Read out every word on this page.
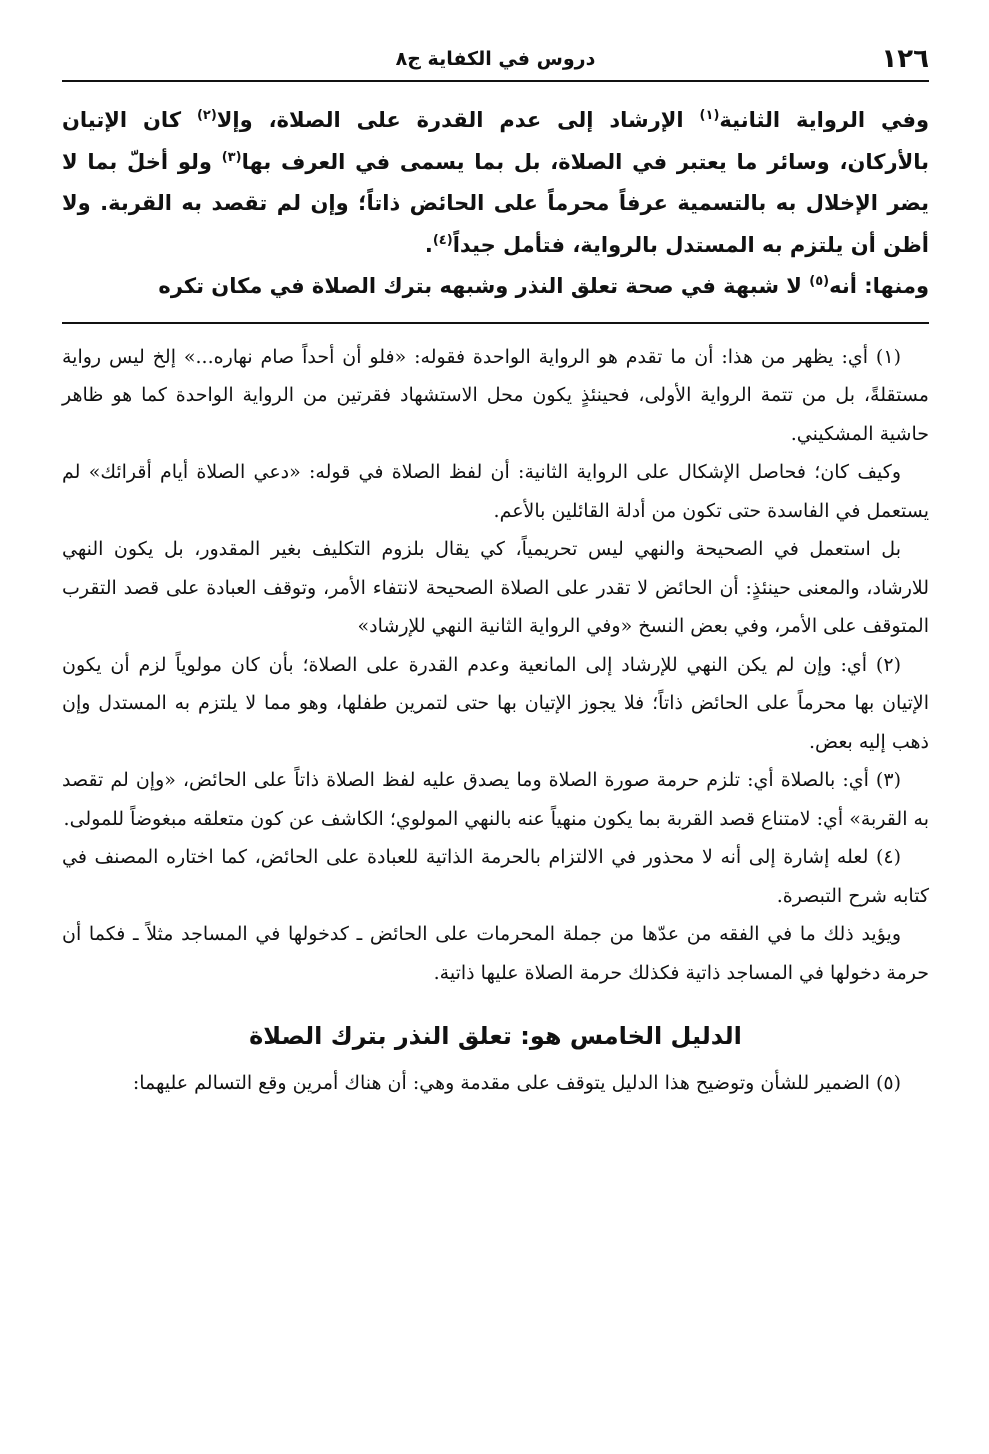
١٢٦
دروس في الكفاية ج٨

وفي الرواية الثانية$^{(١)}$ الإرشاد إلى عدم القدرة على الصلاة، وإلا$^{(٢)}$ كان الإتيان بالأركان، وسائر ما يعتبر في الصلاة، بل بما يسمى في العرف بها$^{(٣)}$ ولو أخلّ بما لا يضر الإخلال به بالتسمية عرفاً محرماً على الحائض ذاتاً؛ وإن لم تقصد به القربة. ولا أظن أن يلتزم به المستدل بالرواية، فتأمل جيداً$^{(٤)}$.

ومنها: أنه$^{(٥)}$ لا شبهة في صحة تعلق النذر وشبهه بترك الصلاة في مكان تكره

(١) أي: يظهر من هذا: أن ما تقدم هو الرواية الواحدة فقوله: «فلو أن أحداً صام نهاره...» إلخ ليس رواية مستقلةً، بل من تتمة الرواية الأولى، فحينئذٍ يكون محل الاستشهاد فقرتين من الرواية الواحدة كما هو ظاهر حاشية المشكيني.

وكيف كان؛ فحاصل الإشكال على الرواية الثانية: أن لفظ الصلاة في قوله: «دعي الصلاة أيام أقرائك» لم يستعمل في الفاسدة حتى تكون من أدلة القائلين بالأعم.

بل استعمل في الصحيحة والنهي ليس تحريمياً، كي يقال بلزوم التكليف بغير المقدور، بل يكون النهي للارشاد، والمعنى حينئذٍ: أن الحائض لا تقدر على الصلاة الصحيحة لانتفاء الأمر، وتوقف العبادة على قصد التقرب المتوقف على الأمر، وفي بعض النسخ «وفي الرواية الثانية النهي للإرشاد»

(٢) أي: وإن لم يكن النهي للإرشاد إلى المانعية وعدم القدرة على الصلاة؛ بأن كان مولوياً لزم أن يكون الإتيان بها محرماً على الحائض ذاتاً؛ فلا يجوز الإتيان بها حتى لتمرين طفلها، وهو مما لا يلتزم به المستدل وإن ذهب إليه بعض.

(٣) أي: بالصلاة أي: تلزم حرمة صورة الصلاة وما يصدق عليه لفظ الصلاة ذاتاً على الحائض، «وإن لم تقصد به القربة» أي: لامتناع قصد القربة بما يكون منهياً عنه بالنهي المولوي؛ الكاشف عن كون متعلقه مبغوضاً للمولى.

(٤) لعله إشارة إلى أنه لا محذور في الالتزام بالحرمة الذاتية للعبادة على الحائض، كما اختاره المصنف في كتابه شرح التبصرة.

ويؤيد ذلك ما في الفقه من عدّها من جملة المحرمات على الحائض ـ كدخولها في المساجد مثلاً ـ فكما أن حرمة دخولها في المساجد ذاتية فكذلك حرمة الصلاة عليها ذاتية.

الدليل الخامس هو: تعلق النذر بترك الصلاة

(٥) الضمير للشأن وتوضيح هذا الدليل يتوقف على مقدمة وهي: أن هناك أمرين وقع التسالم عليهما:
